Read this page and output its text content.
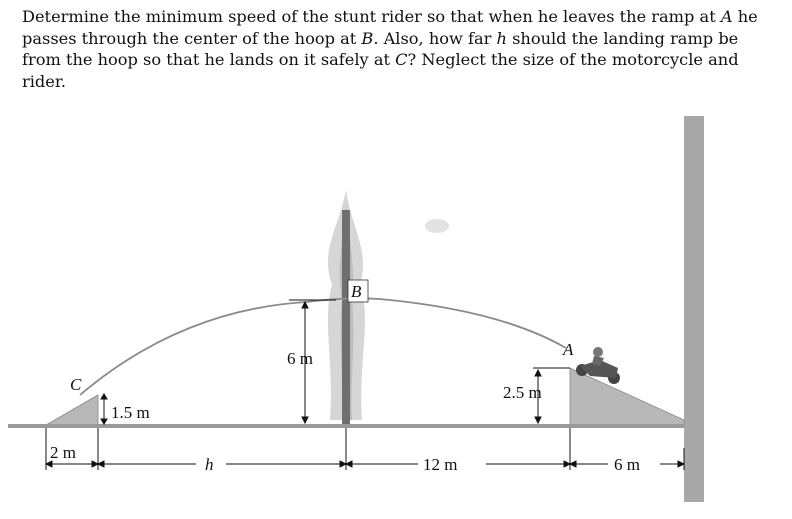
Determine the minimum speed of the stunt rider so that when he leaves the ramp at A he passes through the center of the hoop at B. Also, how far h should the landing ramp be from the hoop so that he lands on it safely at C? Neglect the size of the motorcycle and rider.

C
B
A
1.5 m
6 m
2.5 m
2 m
h	12 m	6 m
